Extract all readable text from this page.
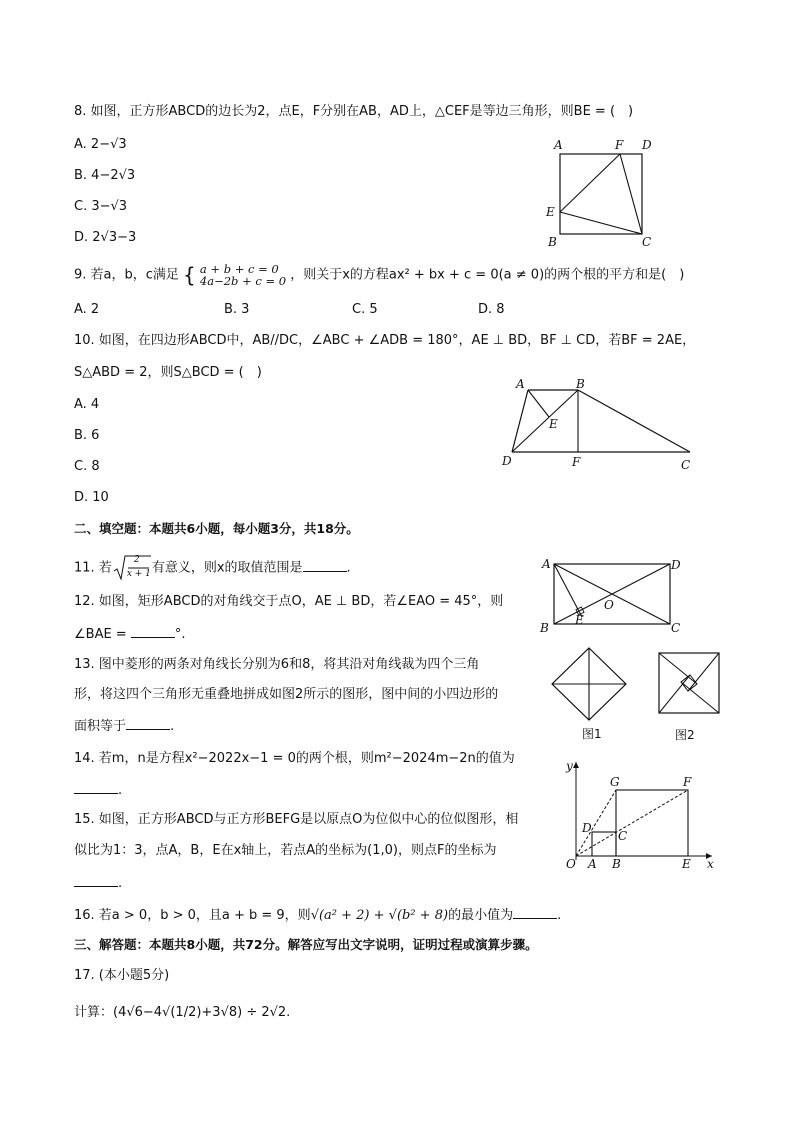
8. 如图，正方形ABCD的边长为2，点E，F分别在AB，AD上，△CEF是等边三角形，则BE = (　)
A. 2−√3
B. 4−2√3
C. 3−√3
D. 2√3−3
A	F D
E
B	C
9. 若a，b，c满足 { a + b + c = 0
4a−2b + c = 0 ，则关于x的方程ax² + bx + c = 0(a ≠ 0)的两个根的平方和是(　)
A. 2	B. 3	C. 5	D. 8
10. 如图，在四边形ABCD中，AB//DC，∠ABC + ∠ADB = 180°，AE ⊥ BD，BF ⊥ CD，若BF = 2AE，
S△ABD = 2，则S△BCD = (　)
A. 4
B. 6
C. 8
D. 10
A	B
E
D	F	C
二、填空题：本题共6小题，每小题3分，共18分。
11. 若
2
x + 1 有意义，则x的取值范围是	.
12. 如图，矩形ABCD的对角线交于点O，AE ⊥ BD，若∠EAO = 45°，则
∠BAE =	°.
A	D
O
B
E
C
13. 图中菱形的两条对角线长分别为6和8，将其沿对角线裁为四个三角
形，将这四个三角形无重叠地拼成如图2所示的图形，图中间的小四边形的
面积等于	.	图1	图2
14. 若m，n是方程x²−2022x−1 = 0的两个根，则m²−2024m−2n的值为
.
15. 如图，正方形ABCD与正方形BEFG是以原点O为位似中心的位似图形，相
似比为1：3，点A，B，E在x轴上，若点A的坐标为(1,0)，则点F的坐标为
.
y
G	F
D
C
O A B	E x
16. 若a > 0，b > 0，且a + b = 9，则√(a² + 2) + √(b² + 8)的最小值为	.
三、解答题：本题共8小题，共72分。解答应写出文字说明，证明过程或演算步骤。
17. (本小题5分)
计算：(4√6−4√(1/2)+3√8) ÷ 2√2.
